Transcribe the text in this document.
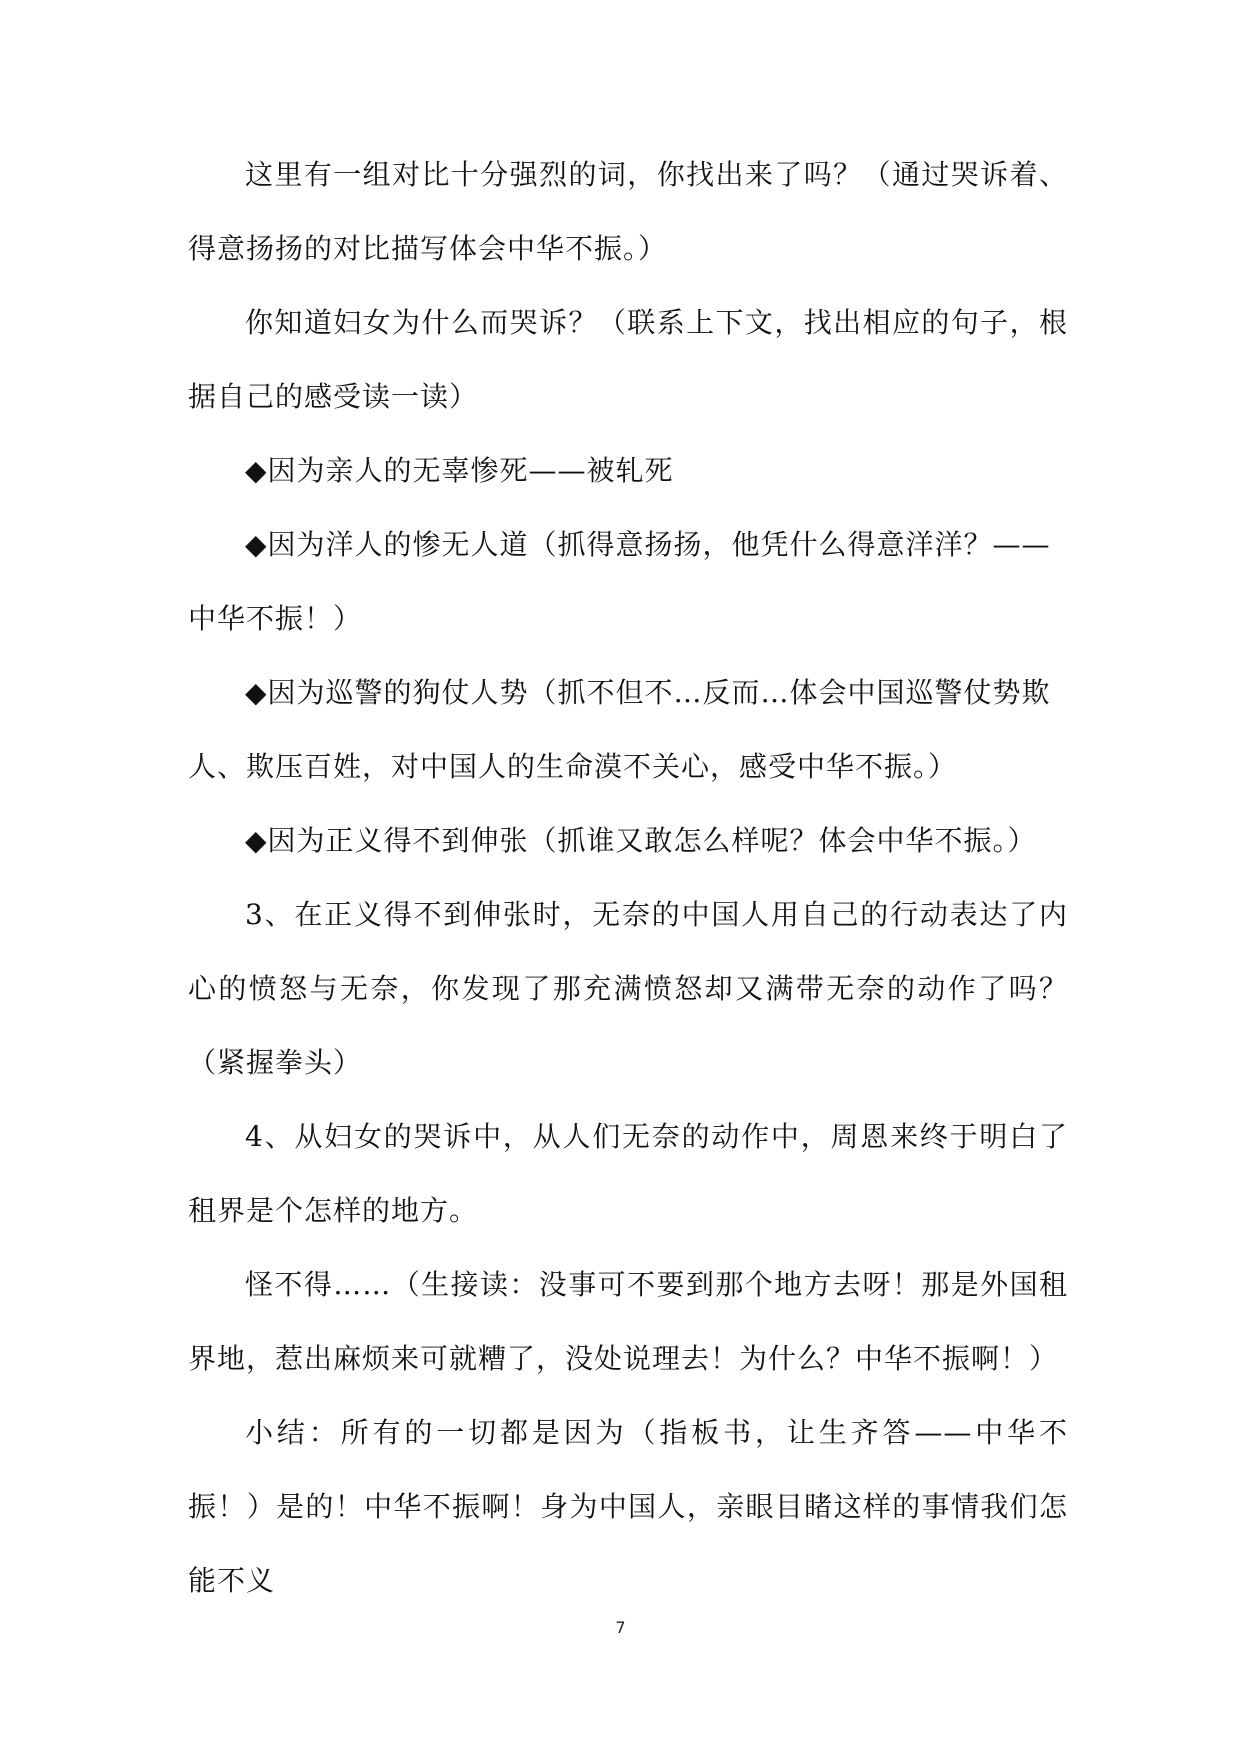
这里有一组对比十分强烈的词，你找出来了吗？（通过哭诉着、得意扬扬的对比描写体会中华不振。）

你知道妇女为什么而哭诉？（联系上下文，找出相应的句子，根据自己的感受读一读）

◆因为亲人的无辜惨死——被轧死

◆因为洋人的惨无人道（抓得意扬扬，他凭什么得意洋洋？——中华不振！）

◆因为巡警的狗仗人势（抓不但不…反而…体会中国巡警仗势欺人、欺压百姓，对中国人的生命漠不关心，感受中华不振。）

◆因为正义得不到伸张（抓谁又敢怎么样呢？体会中华不振。）

3、在正义得不到伸张时，无奈的中国人用自己的行动表达了内心的愤怒与无奈，你发现了那充满愤怒却又满带无奈的动作了吗？（紧握拳头）

4、从妇女的哭诉中，从人们无奈的动作中，周恩来终于明白了租界是个怎样的地方。

怪不得……（生接读：没事可不要到那个地方去呀！那是外国租界地，惹出麻烦来可就糟了，没处说理去！为什么？中华不振啊！）

小结：所有的一切都是因为（指板书，让生齐答——中华不振！）是的！中华不振啊！身为中国人，亲眼目睹这样的事情我们怎能不义

7
